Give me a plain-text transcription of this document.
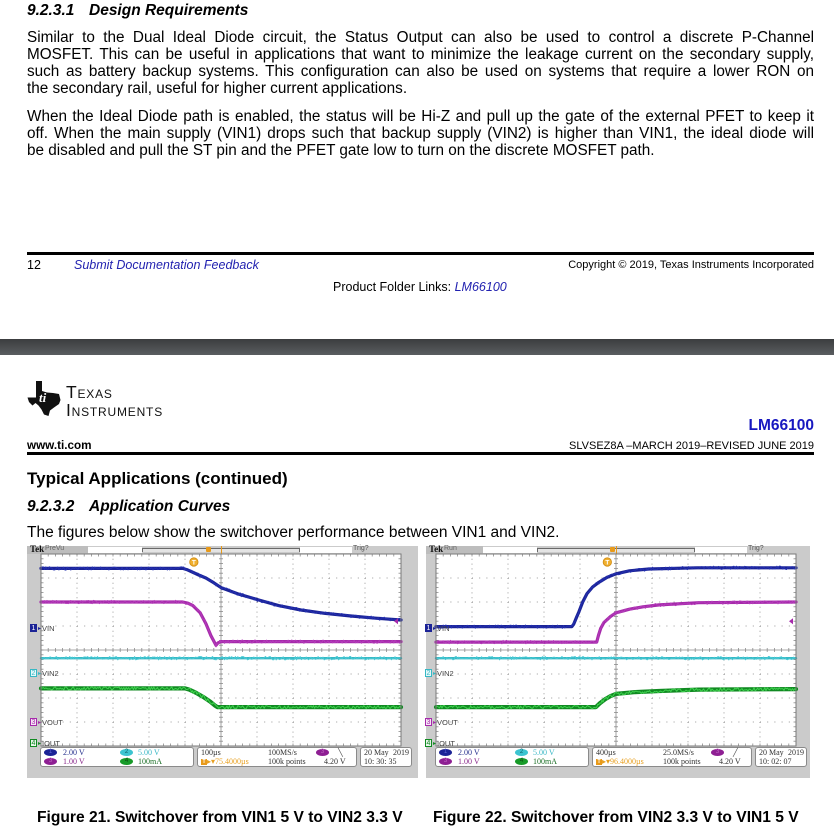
9.2.3.1 Design Requirements
Similar to the Dual Ideal Diode circuit, the Status Output can also be used to control a discrete P-Channel
MOSFET. This can be useful in applications that want to minimize the leakage current on the secondary supply,
such as battery backup systems. This configuration can also be used on systems that require a lower RON on
the secondary rail, useful for higher current applications.
When the Ideal Diode path is enabled, the status will be Hi-Z and pull up the gate of the external PFET to keep it
off. When the main supply (VIN1) drops such that backup supply (VIN2) is higher than VIN1, the ideal diode will
be disabled and pull the ST pin and the PFET gate low to turn on the discrete MOSFET path.
12	Submit Documentation Feedback	Copyright © 2019, Texas Instruments Incorporated
Product Folder Links: LM66100
ti Texas
Instruments
LM66100
www.ti.com	SLVSEZ8A –MARCH 2019–REVISED JUNE 2019
Typical Applications (continued)
9.2.3.2 Application Curves
The figures below show the switchover performance between VIN1 and VIN2.
Tek PreVu	Trig?
T
1 ▸ VIN
2 ▸ VIN2
3 ▸ VOUT
4 ▸ IOUT
1	2.00 V	2	5.00 V
3	1.00 V	4	100mA
100µs
T▸▾75.4000µs
100MS/s
100k points
3	╲
4.20 V
20 May 2019
10: 30: 35
Tek Run	Trig?
T
1 ▸ VIN
2 ▸ VIN2
3 ▸ VOUT
4 ▸ IOUT
1	2.00 V	2	5.00 V
3	1.00 V	4	100mA
400µs
T▸▾96.4000µs
25.0MS/s
100k points
3	╱
4.20 V
20 May 2019
10: 02: 07
Figure 21. Switchover from VIN1 5 V to VIN2 3.3 V Figure 22. Switchover from VIN2 3.3 V to VIN1 5 V
